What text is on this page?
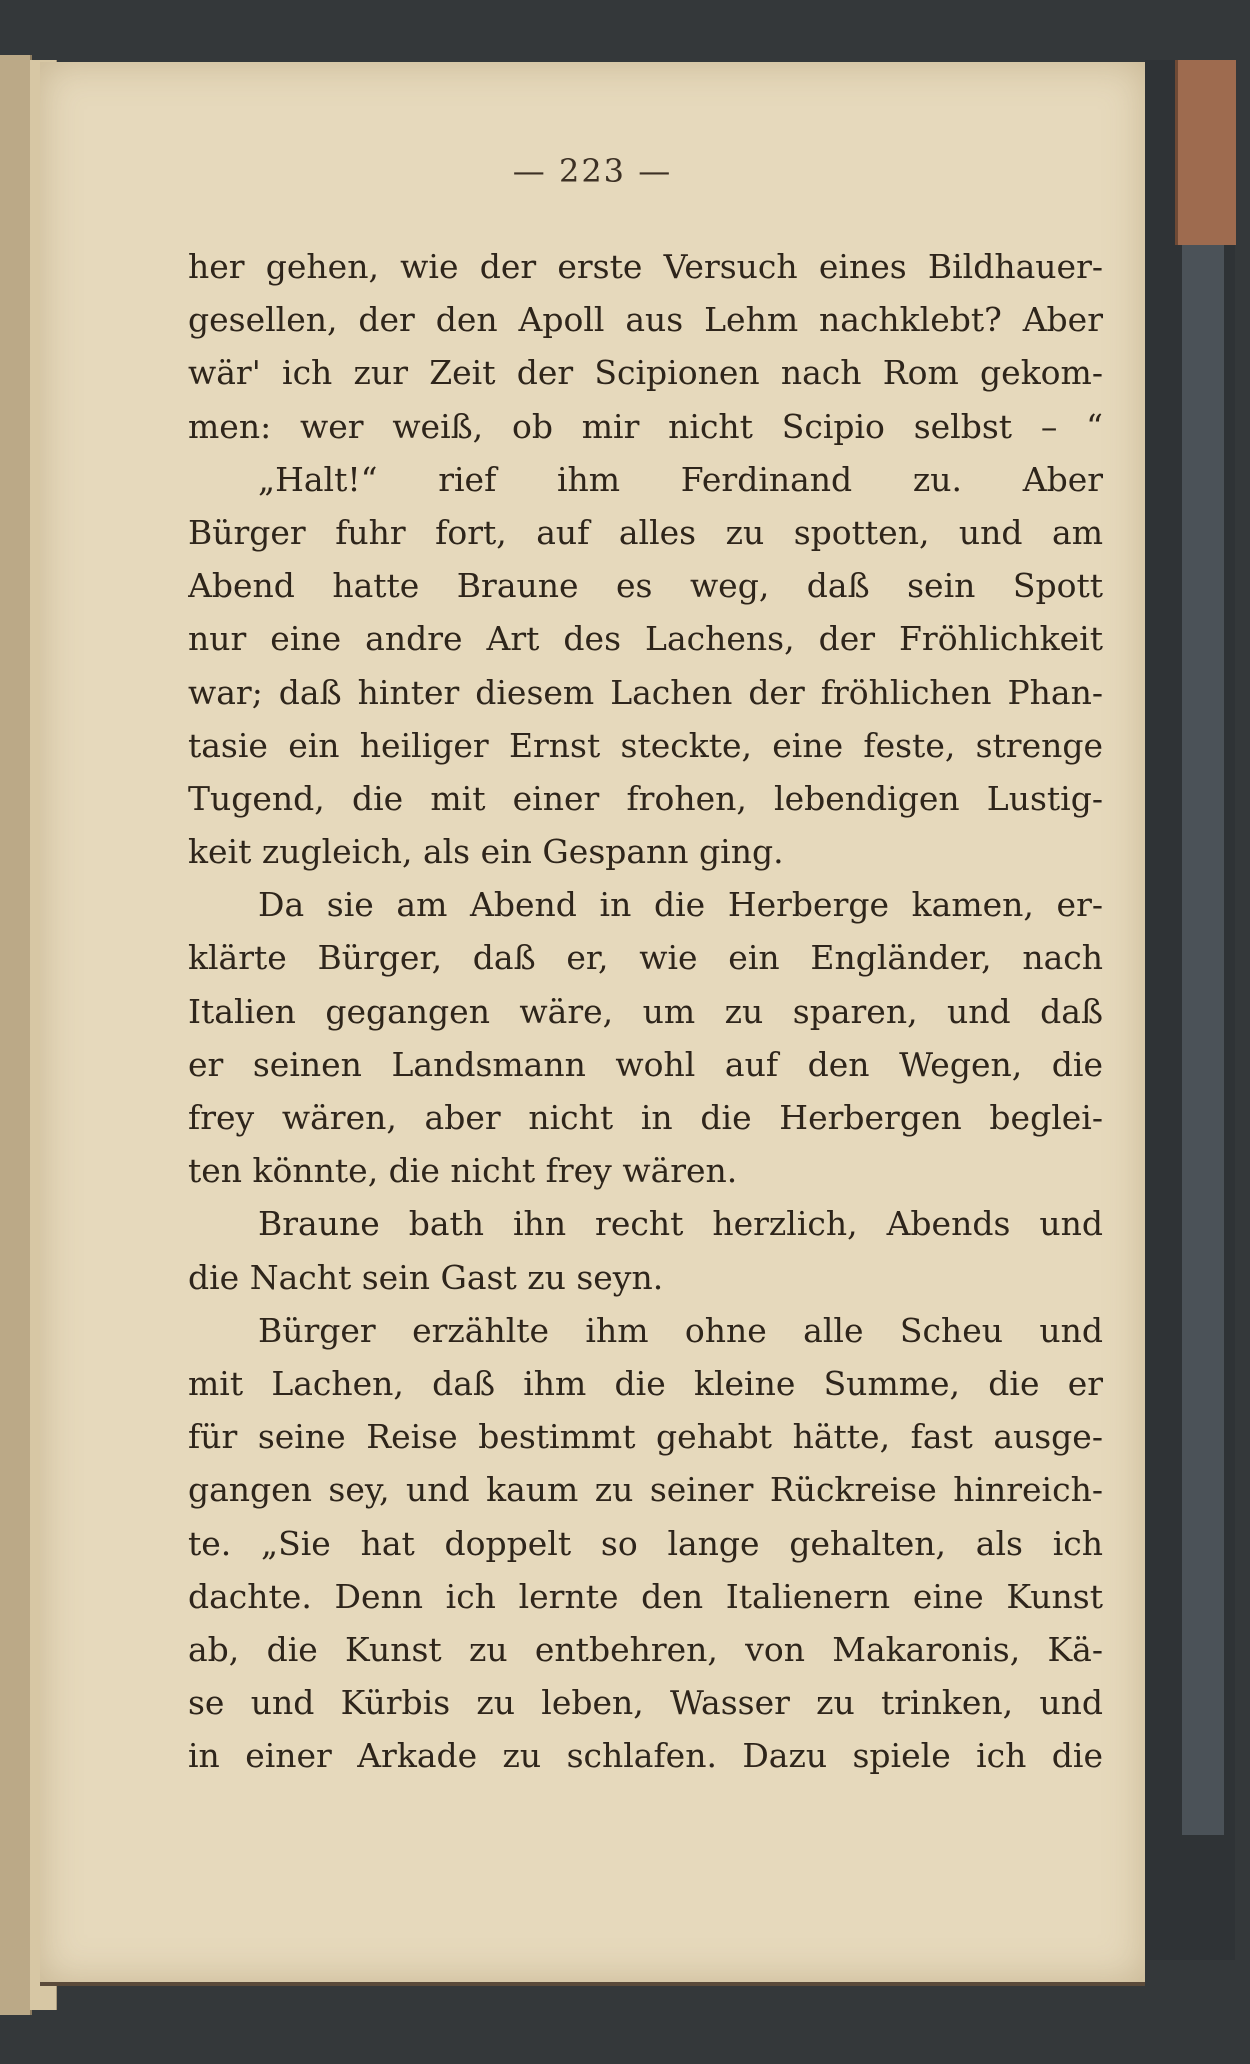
— 223 —
her gehen, wie der erste Versuch eines Bildhauer-
gesellen, der den Apoll aus Lehm nachklebt? Aber
wär' ich zur Zeit der Scipionen nach Rom gekom-
men: wer weiß, ob mir nicht Scipio selbst – “
„Halt!“ rief ihm Ferdinand zu. Aber
Bürger fuhr fort, auf alles zu spotten, und am
Abend hatte Braune es weg, daß sein Spott
nur eine andre Art des Lachens, der Fröhlichkeit
war; daß hinter diesem Lachen der fröhlichen Phan-
tasie ein heiliger Ernst steckte, eine feste, strenge
Tugend, die mit einer frohen, lebendigen Lustig-
keit zugleich, als ein Gespann ging.
Da sie am Abend in die Herberge kamen, er-
klärte Bürger, daß er, wie ein Engländer, nach
Italien gegangen wäre, um zu sparen, und daß
er seinen Landsmann wohl auf den Wegen, die
frey wären, aber nicht in die Herbergen beglei-
ten könnte, die nicht frey wären.
Braune bath ihn recht herzlich, Abends und
die Nacht sein Gast zu seyn.
Bürger erzählte ihm ohne alle Scheu und
mit Lachen, daß ihm die kleine Summe, die er
für seine Reise bestimmt gehabt hätte, fast ausge-
gangen sey, und kaum zu seiner Rückreise hinreich-
te. „Sie hat doppelt so lange gehalten, als ich
dachte. Denn ich lernte den Italienern eine Kunst
ab, die Kunst zu entbehren, von Makaronis, Kä-
se und Kürbis zu leben, Wasser zu trinken, und
in einer Arkade zu schlafen. Dazu spiele ich die
